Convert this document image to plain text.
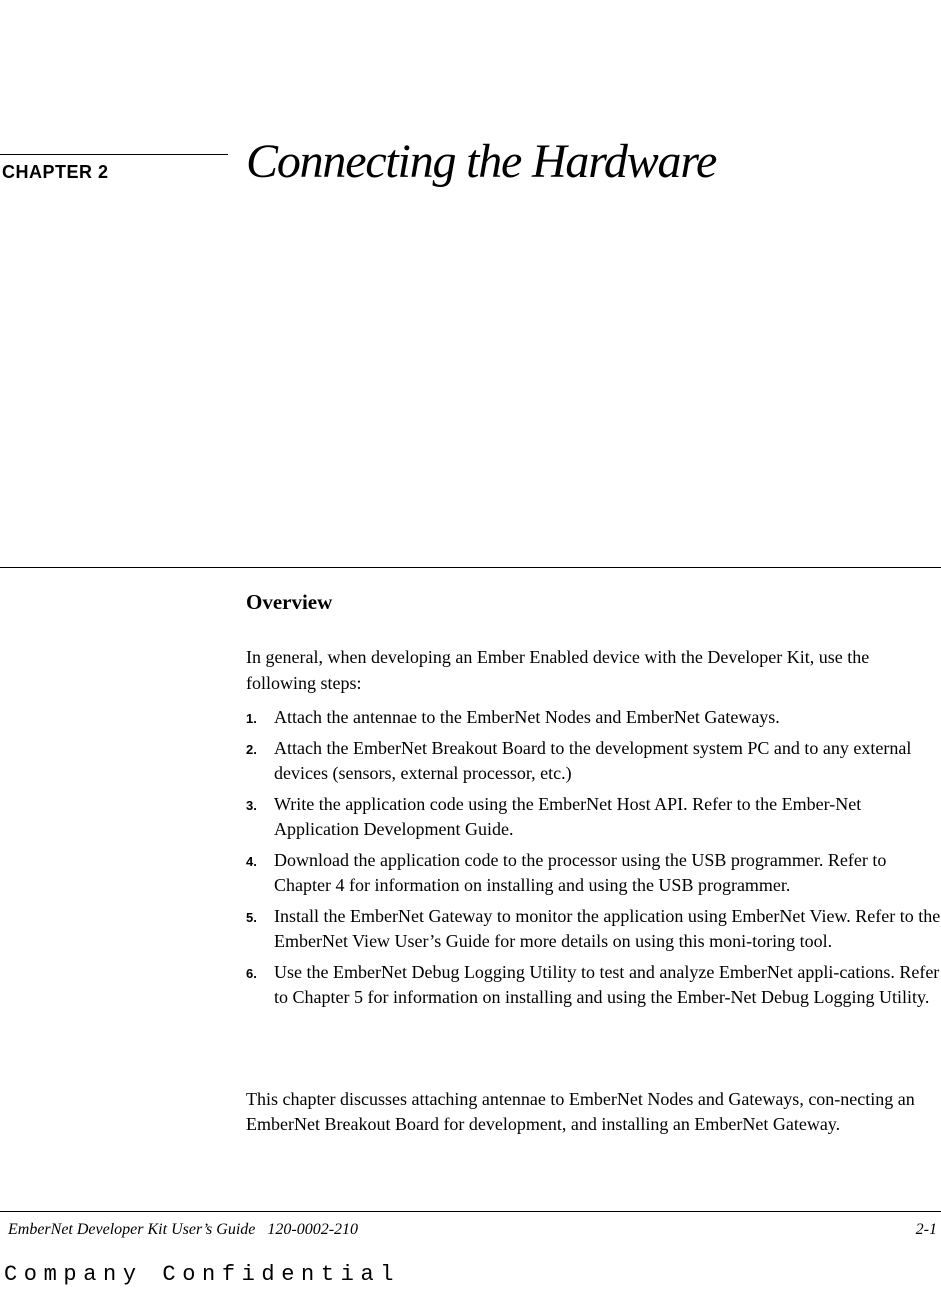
CHAPTER 2	Connecting the Hardware
Overview

In general, when developing an Ember Enabled device with the Developer Kit, use the following steps:

1. Attach the antennae to the EmberNet Nodes and EmberNet Gateways.
2. Attach the EmberNet Breakout Board to the development system PC and to any external devices (sensors, external processor, etc.)
3. Write the application code using the EmberNet Host API. Refer to the Ember-Net Application Development Guide.
4. Download the application code to the processor using the USB programmer. Refer to Chapter 4 for information on installing and using the USB programmer.
5. Install the EmberNet Gateway to monitor the application using EmberNet View. Refer to the EmberNet View User’s Guide for more details on using this moni-toring tool.
6. Use the EmberNet Debug Logging Utility to test and analyze EmberNet appli-cations. Refer to Chapter 5 for information on installing and using the Ember-Net Debug Logging Utility.

This chapter discusses attaching antennae to EmberNet Nodes and Gateways, con-necting an EmberNet Breakout Board for development, and installing an EmberNet Gateway.

EmberNet Developer Kit User’s Guide   120-0002-210	2-1
Company Confidential
